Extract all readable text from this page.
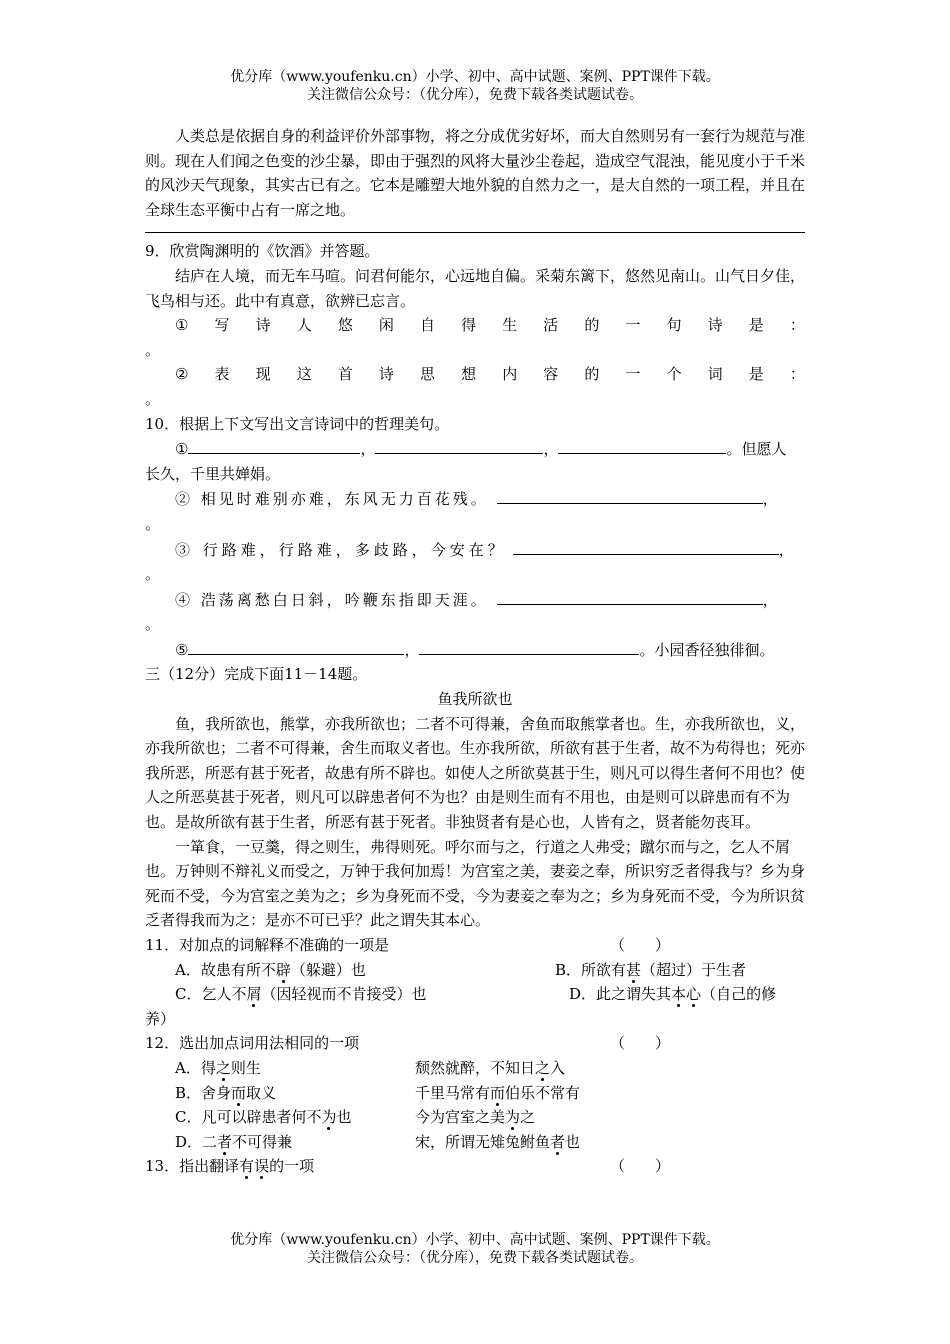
优分库（www.youfenku.cn）小学、初中、高中试题、案例、PPT课件下载。
关注微信公众号：（优分库），免费下载各类试题试卷。

人类总是依据自身的利益评价外部事物，将之分成优劣好坏，而大自然则另有一套行为规范与准则。现在人们闻之色变的沙尘暴，即由于强烈的风将大量沙尘卷起，造成空气混浊，能见度小于千米的风沙天气现象，其实古已有之。它本是雕塑大地外貌的自然力之一，是大自然的一项工程，并且在全球生态平衡中占有一席之地。

9．欣赏陶渊明的《饮酒》并答题。

结庐在人境，而无车马喧。问君何能尔，心远地自偏。采菊东篱下，悠然见南山。山气日夕佳，飞鸟相与还。此中有真意，欲辨已忘言。

① 写 诗 人 悠 闲 自 得 生 活 的 一 句 诗 是 ：

。

② 表 现 这 首 诗 思 想 内 容 的 一 个 词 是 ：

。

10．根据上下文写出文言诗词中的哲理美句。

①	，	，	。但愿人

长久，千里共婵娟。

② 相见时难别亦难，东风无力百花残。	，

。

③ 行路难，行路难，多歧路，今安在？	，

。

④ 浩荡离愁白日斜，吟鞭东指即天涯。	，

。

⑤	，	。小园香径独徘徊。

三（12分）完成下面11－14题。

鱼我所欲也

鱼，我所欲也，熊掌，亦我所欲也；二者不可得兼，舍鱼而取熊掌者也。生，亦我所欲也，义，亦我所欲也；二者不可得兼，舍生而取义者也。生亦我所欲，所欲有甚于生者，故不为苟得也；死亦我所恶，所恶有甚于死者，故患有所不辟也。如使人之所欲莫甚于生，则凡可以得生者何不用也？使人之所恶莫甚于死者，则凡可以辟患者何不为也？由是则生而有不用也，由是则可以辟患而有不为也。是故所欲有甚于生者，所恶有甚于死者。非独贤者有是心也，人皆有之，贤者能勿丧耳。

一箪食，一豆羹，得之则生，弗得则死。呼尔而与之，行道之人弗受；蹴尔而与之，乞人不屑也。万钟则不辩礼义而受之，万钟于我何加焉！为宫室之美，妻妾之奉，所识穷乏者得我与？乡为身死而不受，今为宫室之美为之；乡为身死而不受，今为妻妾之奉为之；乡为身死而不受，今为所识贫乏者得我而为之：是亦不可已乎？此之谓失其本心。

11．对加点的词解释不准确的一项是	（　　）
A．故患有所不辟（躲避）也	B．所欲有甚（超过）于生者
C．乞人不屑（因轻视而不肯接受）也	D．此之谓失其本心（自己的修

养）

12．选出加点词用法相同的一项	（　　）
A．得之则生	颓然就醉，不知日之入
B．舍身而取义	千里马常有而伯乐不常有
C．凡可以辟患者何不为也	今为宫室之美为之
D．二者不可得兼	宋，所谓无雉兔鲋鱼者也
13．指出翻译有误的一项	（　　）
优分库（www.youfenku.cn）小学、初中、高中试题、案例、PPT课件下载。
关注微信公众号：（优分库），免费下载各类试题试卷。
